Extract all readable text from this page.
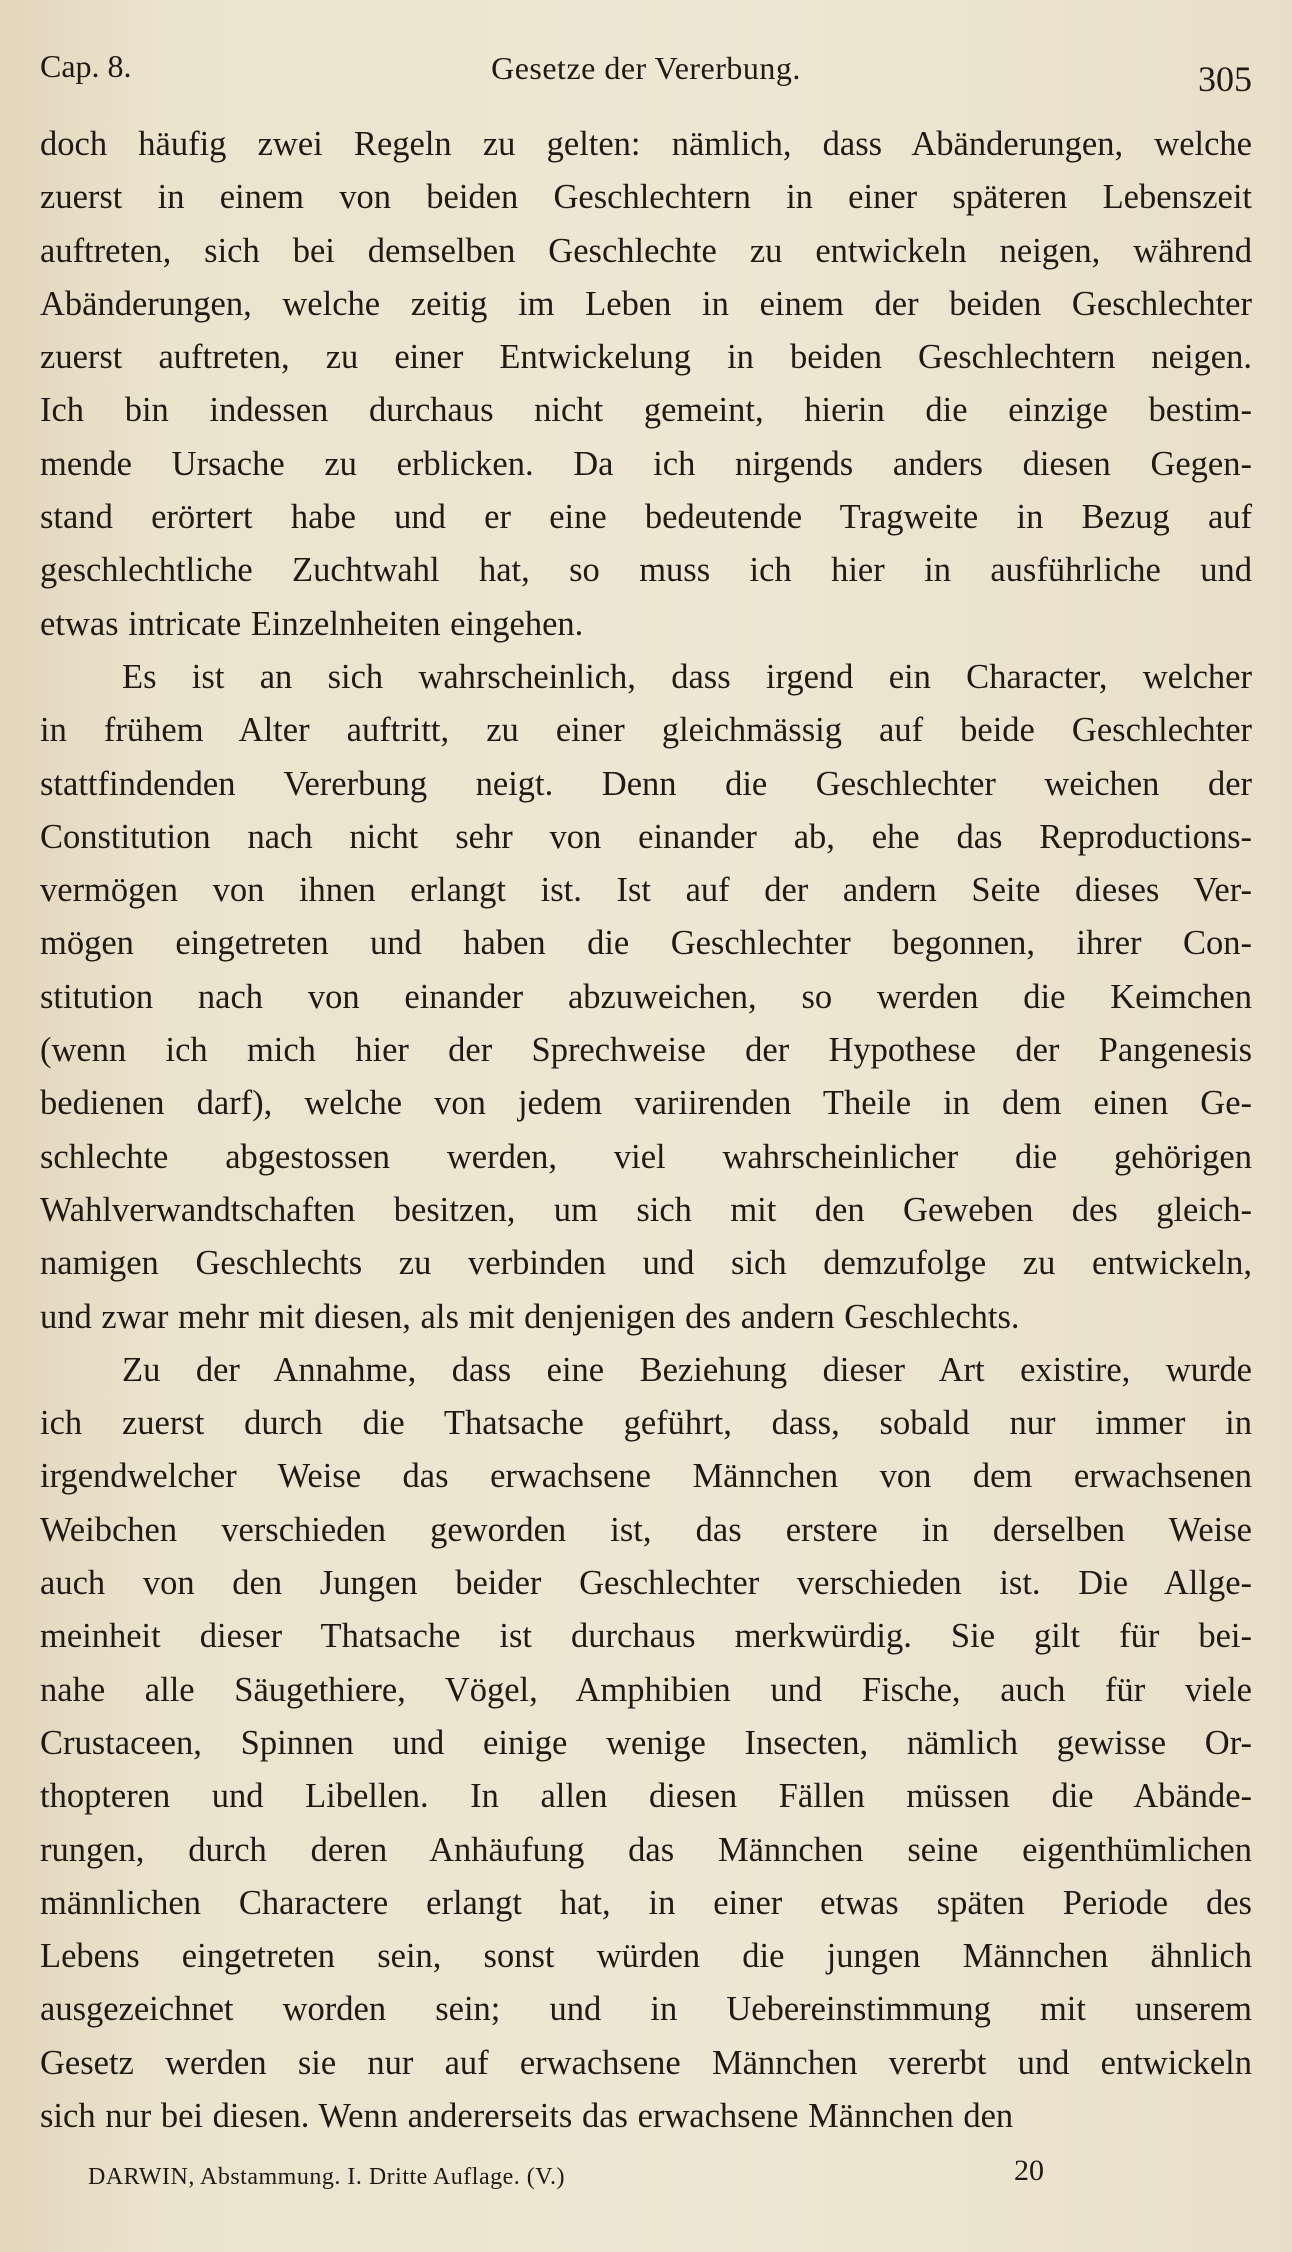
Cap. 8.	Gesetze der Vererbung.	305
doch häufig zwei Regeln zu gelten: nämlich, dass Abänderungen, welche
zuerst in einem von beiden Geschlechtern in einer späteren Lebenszeit
auftreten, sich bei demselben Geschlechte zu entwickeln neigen, während
Abänderungen, welche zeitig im Leben in einem der beiden Geschlechter
zuerst auftreten, zu einer Entwickelung in beiden Geschlechtern neigen.
Ich bin indessen durchaus nicht gemeint, hierin die einzige bestim-
mende Ursache zu erblicken. Da ich nirgends anders diesen Gegen-
stand erörtert habe und er eine bedeutende Tragweite in Bezug auf
geschlechtliche Zuchtwahl hat, so muss ich hier in ausführliche und
etwas intricate Einzelnheiten eingehen.
Es ist an sich wahrscheinlich, dass irgend ein Character, welcher
in frühem Alter auftritt, zu einer gleichmässig auf beide Geschlechter
stattfindenden Vererbung neigt. Denn die Geschlechter weichen der
Constitution nach nicht sehr von einander ab, ehe das Reproductions-
vermögen von ihnen erlangt ist. Ist auf der andern Seite dieses Ver-
mögen eingetreten und haben die Geschlechter begonnen, ihrer Con-
stitution nach von einander abzuweichen, so werden die Keimchen
(wenn ich mich hier der Sprechweise der Hypothese der Pangenesis
bedienen darf), welche von jedem variirenden Theile in dem einen Ge-
schlechte abgestossen werden, viel wahrscheinlicher die gehörigen
Wahlverwandtschaften besitzen, um sich mit den Geweben des gleich-
namigen Geschlechts zu verbinden und sich demzufolge zu entwickeln,
und zwar mehr mit diesen, als mit denjenigen des andern Geschlechts.
Zu der Annahme, dass eine Beziehung dieser Art existire, wurde
ich zuerst durch die Thatsache geführt, dass, sobald nur immer in
irgendwelcher Weise das erwachsene Männchen von dem erwachsenen
Weibchen verschieden geworden ist, das erstere in derselben Weise
auch von den Jungen beider Geschlechter verschieden ist. Die Allge-
meinheit dieser Thatsache ist durchaus merkwürdig. Sie gilt für bei-
nahe alle Säugethiere, Vögel, Amphibien und Fische, auch für viele
Crustaceen, Spinnen und einige wenige Insecten, nämlich gewisse Or-
thopteren und Libellen. In allen diesen Fällen müssen die Abände-
rungen, durch deren Anhäufung das Männchen seine eigenthümlichen
männlichen Charactere erlangt hat, in einer etwas späten Periode des
Lebens eingetreten sein, sonst würden die jungen Männchen ähnlich
ausgezeichnet worden sein; und in Uebereinstimmung mit unserem
Gesetz werden sie nur auf erwachsene Männchen vererbt und entwickeln
sich nur bei diesen. Wenn andererseits das erwachsene Männchen den
DARWIN, Abstammung. I. Dritte Auflage. (V.)	20
